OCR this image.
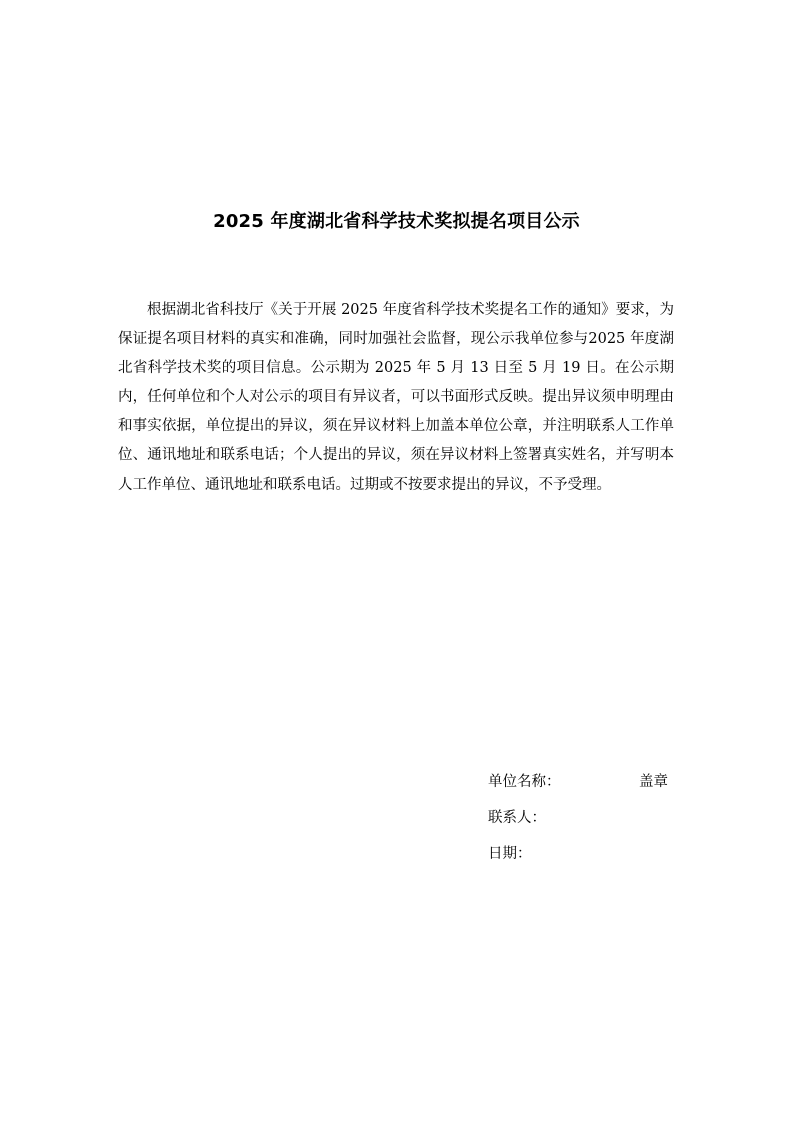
2025 年度湖北省科学技术奖拟提名项目公示

根据湖北省科技厅《关于开展 2025 年度省科学技术奖提名工作的通知》要求，为保证提名项目材料的真实和准确，同时加强社会监督，现公示我单位参与2025 年度湖北省科学技术奖的项目信息。公示期为 2025 年 5 月 13 日至 5 月 19 日。在公示期内，任何单位和个人对公示的项目有异议者，可以书面形式反映。提出异议须申明理由和事实依据，单位提出的异议，须在异议材料上加盖本单位公章，并注明联系人工作单位、通讯地址和联系电话；个人提出的异议，须在异议材料上签署真实姓名，并写明本人工作单位、通讯地址和联系电话。过期或不按要求提出的异议，不予受理。

单位名称：	盖章
联系人：
日期：
